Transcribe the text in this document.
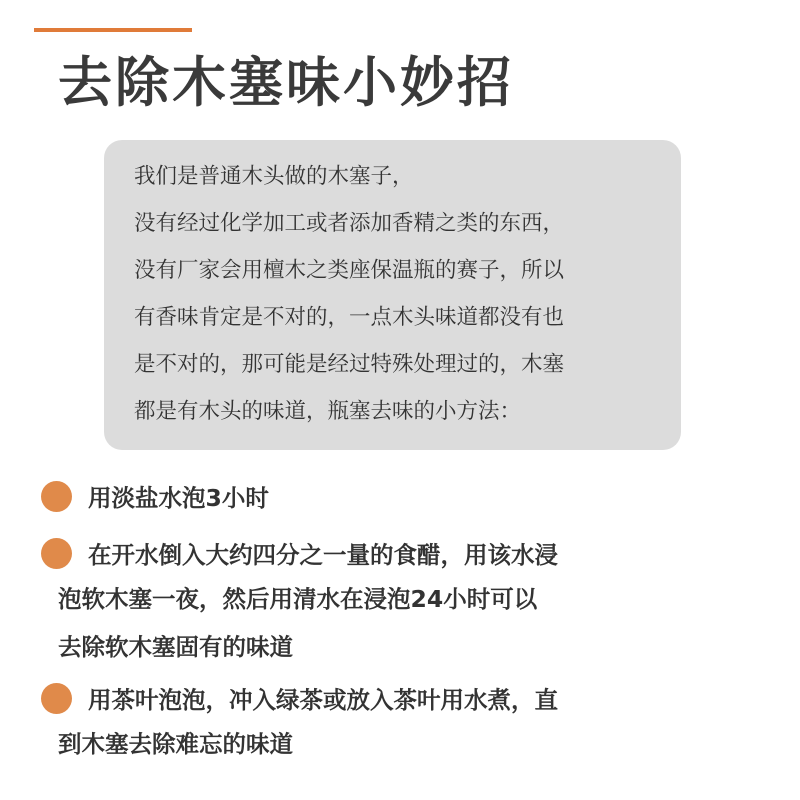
去除木塞味小妙招
我们是普通木头做的木塞子，
没有经过化学加工或者添加香精之类的东西，
没有厂家会用檀木之类座保温瓶的赛子，所以
有香味肯定是不对的，一点木头味道都没有也
是不对的，那可能是经过特殊处理过的，木塞
都是有木头的味道，瓶塞去味的小方法：
用淡盐水泡3小时
在开水倒入大约四分之一量的食醋，用该水浸
泡软木塞一夜，然后用清水在浸泡24小时可以
去除软木塞固有的味道
用茶叶泡泡，冲入绿茶或放入茶叶用水煮，直
到木塞去除难忘的味道
